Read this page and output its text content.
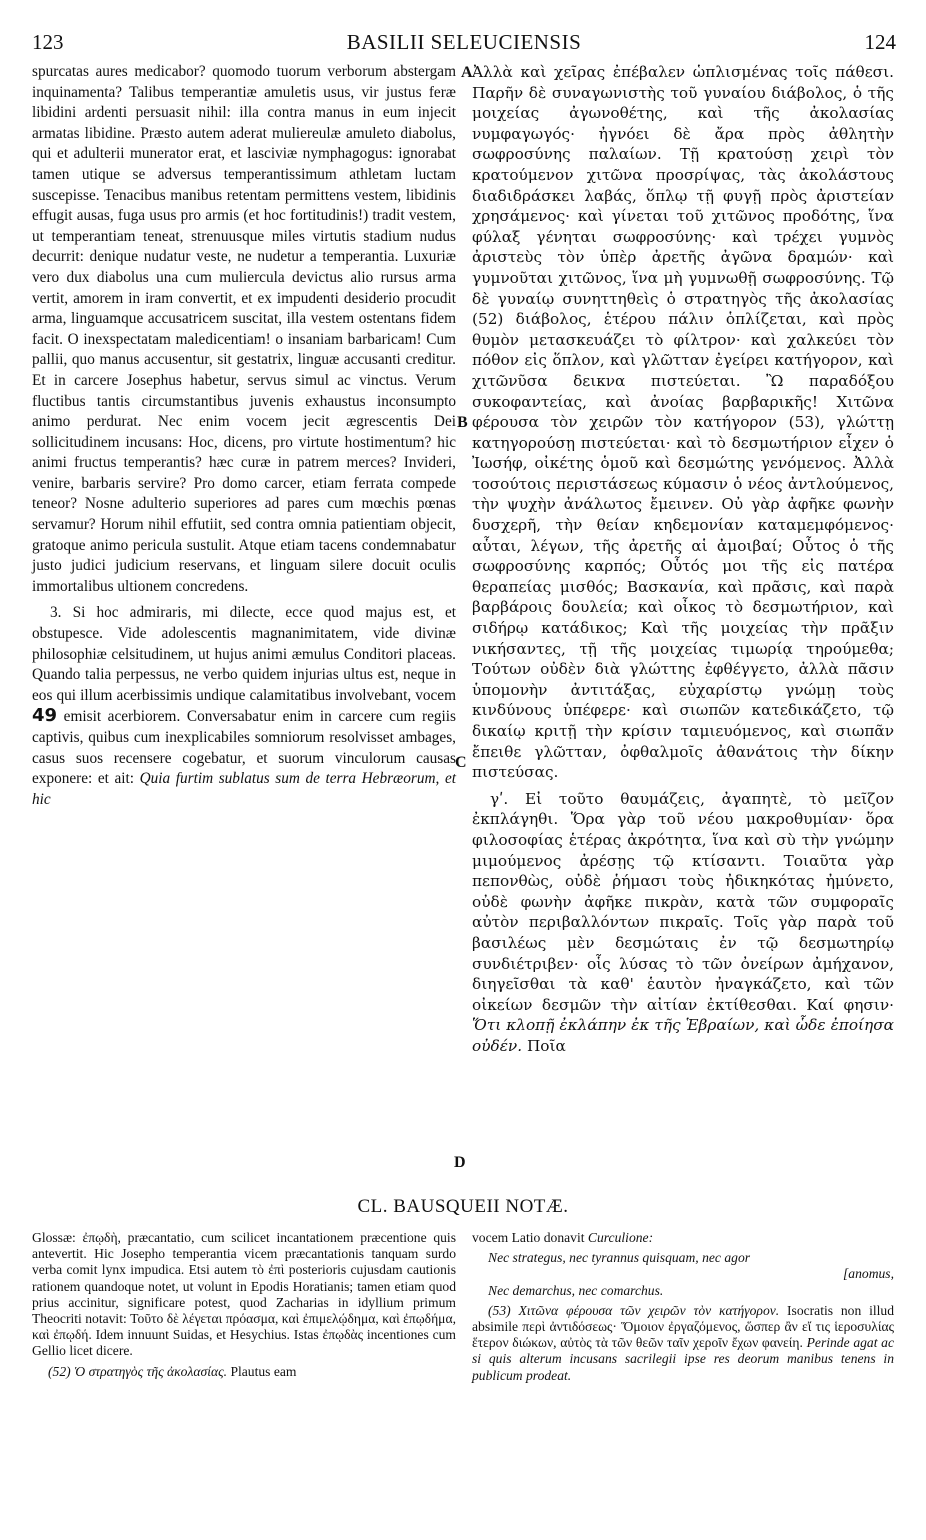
123	BASILII SELEUCIENSIS	124

spurcatas aures medicabor? quomodo tuorum verborum abstergam inquinamenta? Talibus temperantiæ amuletis usus, vir justus feræ libidini ardenti persuasit nihil: illa contra manus in eum injecit armatas libidine. Præsto autem aderat muliereulæ amuleto diabolus, qui et adulterii munerator erat, et lasciviæ nymphagogus: ignorabat tamen utique se adversus temperantissimum athletam luctam suscepisse. Tenacibus manibus retentam permittens vestem, libidinis effugit ausas, fuga usus pro armis (et hoc fortitudinis!) tradit vestem, ut temperantiam teneat, strenuusque miles virtutis stadium nudus decurrit: denique nudatur veste, ne nudetur a temperantia. Luxuriæ vero dux diabolus una cum muliercula devictus alio rursus arma vertit, amorem in iram convertit, et ex impudenti desiderio procudit arma, linguamque accusatricem suscitat, illa vestem ostentans fidem facit. O inexspectatam maledicentiam! o insaniam barbaricam! Cum pallii, quo manus accusentur, sit gestatrix, linguæ accusanti creditur. Et in carcere Josephus habetur, servus simul ac vinctus. Verum fluctibus tantis circumstantibus juvenis exhaustus inconsumpto animo perdurat. Nec enim vocem jecit ægrescentis Dei sollicitudinem incusans: Hoc, dicens, pro virtute hostimentum? hic animi fructus temperantis? hæc curæ in patrem merces? Invideri, venire, barbaris servire? Pro domo carcer, etiam ferrata compede teneor? Nosne adulterio superiores ad pares cum mœchis pœnas servamur? Horum nihil effutiit, sed contra omnia patientiam objecit, gratoque animo pericula sustulit. Atque etiam tacens condemnabatur justo judici judicium reservans, et linguam silere docuit oculis immortalibus ultionem concredens.

3. Si hoc admiraris, mi dilecte, ecce quod majus est, et obstupesce. Vide adolescentis magnanimitatem, vide divinæ philosophiæ celsitudinem, ut hujus animi æmulus Conditori placeas. Quando talia perpessus, ne verbo quidem injurias ultus est, neque in eos qui illum acerbissimis undique calamitatibus involvebant, vocem 49 emisit acerbiorem. Conversabatur enim in carcere cum regiis captivis, quibus cum inexplicabiles somniorum resolvisset ambages, casus suos recensere cogebatur, et suorum vinculorum causas exponere: et ait: Quia furtim sublatus sum de terra Hebræorum, et hic

A
B
C
D

Ἀλλὰ καὶ χεῖρας ἐπέβαλεν ὡπλισμένας τοῖς πάθεσι. Παρῆν δὲ συναγωνιστὴς τοῦ γυναίου διάβολος, ὁ τῆς μοιχείας ἀγωνοθέτης, καὶ τῆς ἀκολασίας νυμφαγωγός· ἠγνόει δὲ ἄρα πρὸς ἀθλητὴν σωφροσύνης παλαίων. Τῇ κρατούσῃ χειρὶ τὸν κρατούμενον χιτῶνα προσρίψας, τὰς ἀκολάστους διαδιδράσκει λαβάς, ὅπλῳ τῇ φυγῇ πρὸς ἀριστείαν χρησάμενος· καὶ γίνεται τοῦ χιτῶνος προδότης, ἵνα φύλαξ γένηται σωφροσύνης· καὶ τρέχει γυμνὸς ἀριστεὺς τὸν ὑπὲρ ἀρετῆς ἀγῶνα δραμών· καὶ γυμνοῦται χιτῶνος, ἵνα μὴ γυμνωθῇ σωφροσύνης. Τῷ δὲ γυναίῳ συνηττηθεὶς ὁ στρατηγὸς τῆς ἀκολασίας (52) διάβολος, ἑτέρου πάλιν ὁπλίζεται, καὶ πρὸς θυμὸν μετασκευάζει τὸ φίλτρον· καὶ χαλκεύει τὸν πόθον εἰς ὅπλον, καὶ γλῶτταν ἐγείρει κατήγορον, καὶ χιτῶνῦσα δεικνα πιστεύεται. Ὢ παραδόξου συκοφαντείας, καὶ ἀνοίας βαρβαρικῆς! Χιτῶνα φέρουσα τὸν χειρῶν τὸν κατήγορον (53), γλώττῃ κατηγορούσῃ πιστεύεται· καὶ τὸ δεσμωτήριον εἶχεν ὁ Ἰωσήφ, οἰκέτης ὁμοῦ καὶ δεσμώτης γενόμενος. Ἀλλὰ τοσούτοις περιστάσεως κύμασιν ὁ νέος ἀντλούμενος, τὴν ψυχὴν ἀνάλωτος ἔμεινεν. Οὐ γὰρ ἀφῆκε φωνὴν δυσχερῆ, τὴν θείαν κηδεμονίαν καταμεμφόμενος· αὗται, λέγων, τῆς ἀρετῆς αἱ ἀμοιβαί; Οὗτος ὁ τῆς σωφροσύνης καρπός; Οὗτός μοι τῆς εἰς πατέρα θεραπείας μισθός; Βασκανία, καὶ πρᾶσις, καὶ παρὰ βαρβάροις δουλεία; καὶ οἶκος τὸ δεσμωτήριον, καὶ σιδήρῳ κατάδικος; Καὶ τῆς μοιχείας τὴν πρᾶξιν νικήσαντες, τῇ τῆς μοιχείας τιμωρίᾳ τηρούμεθα; Τούτων οὐδὲν διὰ γλώττης ἐφθέγγετο, ἀλλὰ πᾶσιν ὑπομονὴν ἀντιτάξας, εὐχαρίστῳ γνώμῃ τοὺς κινδύνους ὑπέφερε· καὶ σιωπῶν κατεδικάζετο, τῷ δικαίῳ κριτῇ τὴν κρίσιν ταμιευόμενος, καὶ σιωπᾶν ἔπειθε γλῶτταν, ὀφθαλμοῖς ἀθανάτοις τὴν δίκην πιστεύσας.

γʹ. Εἰ τοῦτο θαυμάζεις, ἀγαπητὲ, τὸ μεῖζον ἐκπλάγηθι. Ὅρα γὰρ τοῦ νέου μακροθυμίαν· ὅρα φιλοσοφίας ἑτέρας ἀκρότητα, ἵνα καὶ σὺ τὴν γνώμην μιμούμενος ἀρέσῃς τῷ κτίσαντι. Τοιαῦτα γὰρ πεπονθὼς, οὐδὲ ῥήμασι τοὺς ἠδικηκότας ἠμύνετο, οὐδὲ φωνὴν ἀφῆκε πικρὰν, κατὰ τῶν συμφοραῖς αὐτὸν περιβαλλόντων πικραῖς. Τοῖς γὰρ παρὰ τοῦ βασιλέως μὲν δεσμώταις ἐν τῷ δεσμωτηρίῳ συνδιέτριβεν· οἷς λύσας τὸ τῶν ὀνείρων ἀμήχανον, διηγεῖσθαι τὰ καθ' ἑαυτὸν ἠναγκάζετο, καὶ τῶν οἰκείων δεσμῶν τὴν αἰτίαν ἐκτίθεσθαι. Καί φησιν· Ὅτι κλοπῇ ἐκλάπην ἐκ τῆς Ἑβραίων, καὶ ὧδε ἐποίησα οὐδέν. Ποῖα

CL. BAUSQUEII NOTÆ.

Glossæ: ἐπῳδὴ, præcantatio, cum scilicet incantationem præcentione quis antevertit. Hic Josepho temperantia vicem præcantationis tanquam surdo verba comit lynx impudica. Etsi autem τὸ ἐπὶ posterioris cujusdam cautionis rationem quandoque notet, ut volunt in Epodis Horatianis; tamen etiam quod prius accinitur, significare potest, quod Zacharias in idyllium primum Theocriti notavit: Τοῦτο δὲ λέγεται πρόασμα, καὶ ἐπιμελῴδημα, καὶ ἐπῳδήμα, καὶ ἐπῳδή. Idem innuunt Suidas, et Hesychius. Istas ἐπῳδὰς incentiones cum Gellio licet dicere.

(52) Ὁ στρατηγὸς τῆς ἀκολασίας. Plautus eam

vocem Latio donavit Curculione:

Nec strategus, nec tyrannus quisquam, nec agor
[anomus,
Nec demarchus, nec comarchus.

(53) Χιτῶνα φέρουσα τῶν χειρῶν τὸν κατήγορον. Isocratis non illud absimile περὶ ἀντιδόσεως· Ὅμοιον ἐργαζόμενος, ὥσπερ ἂν εἴ τις ἱεροσυλίας ἕτερον διώκων, αὐτὸς τὰ τῶν θεῶν ταῖν χεροῖν ἔχων φανείη. Perinde agat ac si quis alterum incusans sacrilegii ipse res deorum manibus tenens in publicum prodeat.
